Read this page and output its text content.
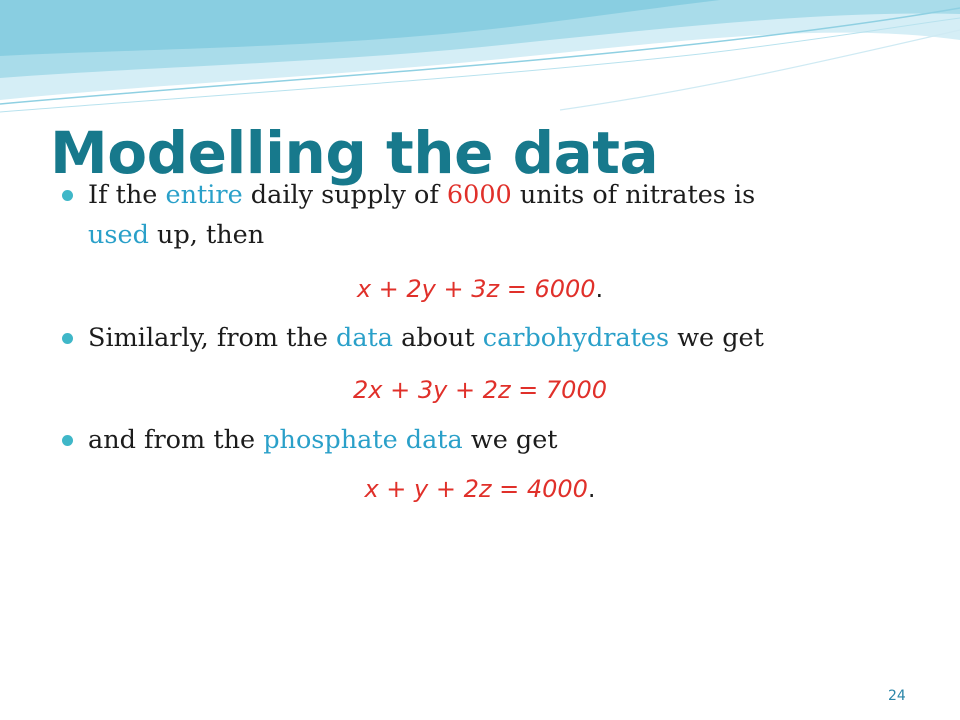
Modelling the data
If the entire daily supply of 6000 units of nitrates is
used up, then
x + 2y + 3z = 6000.
Similarly, from the data about carbohydrates we get
2x + 3y + 2z = 7000
and from the phosphate data we get
x + y + 2z = 4000.
24
